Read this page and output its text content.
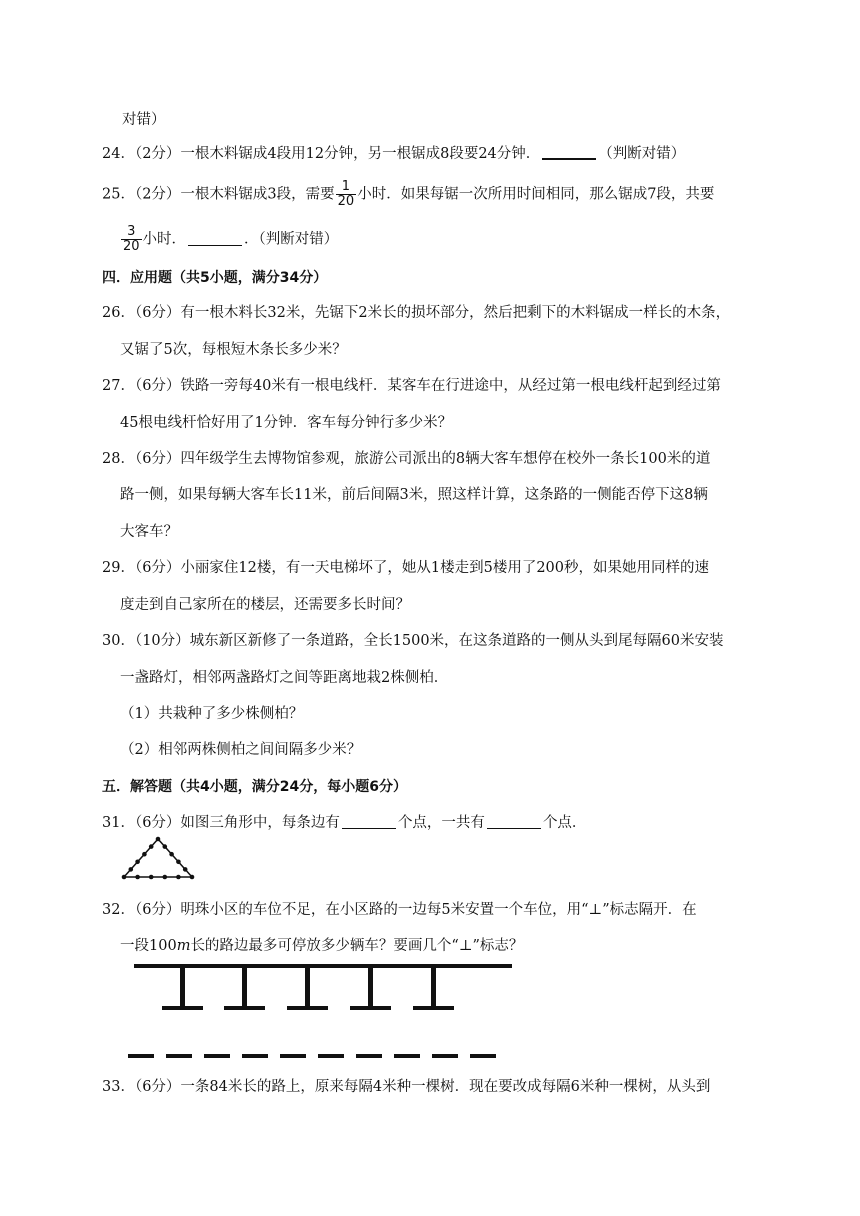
对错）
24．（2分）一根木料锯成4段用12分钟，另一根锯成8段要24分钟．	（判断对错）
25．（2分）一根木料锯成3段，需要 $\frac{1}{20}$ 小时．如果每锯一次所用时间相同，那么锯成7段，共要
$\frac{3}{20}$ 小时．	．（判断对错）
四．应用题（共5小题，满分34分）
26．（6分）有一根木料长32米，先锯下2米长的损坏部分，然后把剩下的木料锯成一样长的木条，
又锯了5次，每根短木条长多少米？
27．（6分）铁路一旁每40米有一根电线杆．某客车在行进途中，从经过第一根电线杆起到经过第
45根电线杆恰好用了1分钟．客车每分钟行多少米？
28．（6分）四年级学生去博物馆参观，旅游公司派出的8辆大客车想停在校外一条长100米的道
路一侧，如果每辆大客车长11米，前后间隔3米，照这样计算，这条路的一侧能否停下这8辆
大客车？
29．（6分）小丽家住12楼，有一天电梯坏了，她从1楼走到5楼用了200秒，如果她用同样的速
度走到自己家所在的楼层，还需要多长时间？
30．（10分）城东新区新修了一条道路，全长1500米，在这条道路的一侧从头到尾每隔60米安装
一盏路灯，相邻两盏路灯之间等距离地栽2株侧柏．
（1）共栽种了多少株侧柏？
（2）相邻两株侧柏之间间隔多少米？
五．解答题（共4小题，满分24分，每小题6分）
31．（6分）如图三角形中，每条边有	个点，一共有	个点．
32．（6分）明珠小区的车位不足，在小区路的一边每5米安置一个车位，用“⊥”标志隔开．在
一段100m长的路边最多可停放多少辆车？要画几个“⊥”标志？
33．（6分）一条84米长的路上，原来每隔4米种一棵树．现在要改成每隔6米种一棵树，从头到
